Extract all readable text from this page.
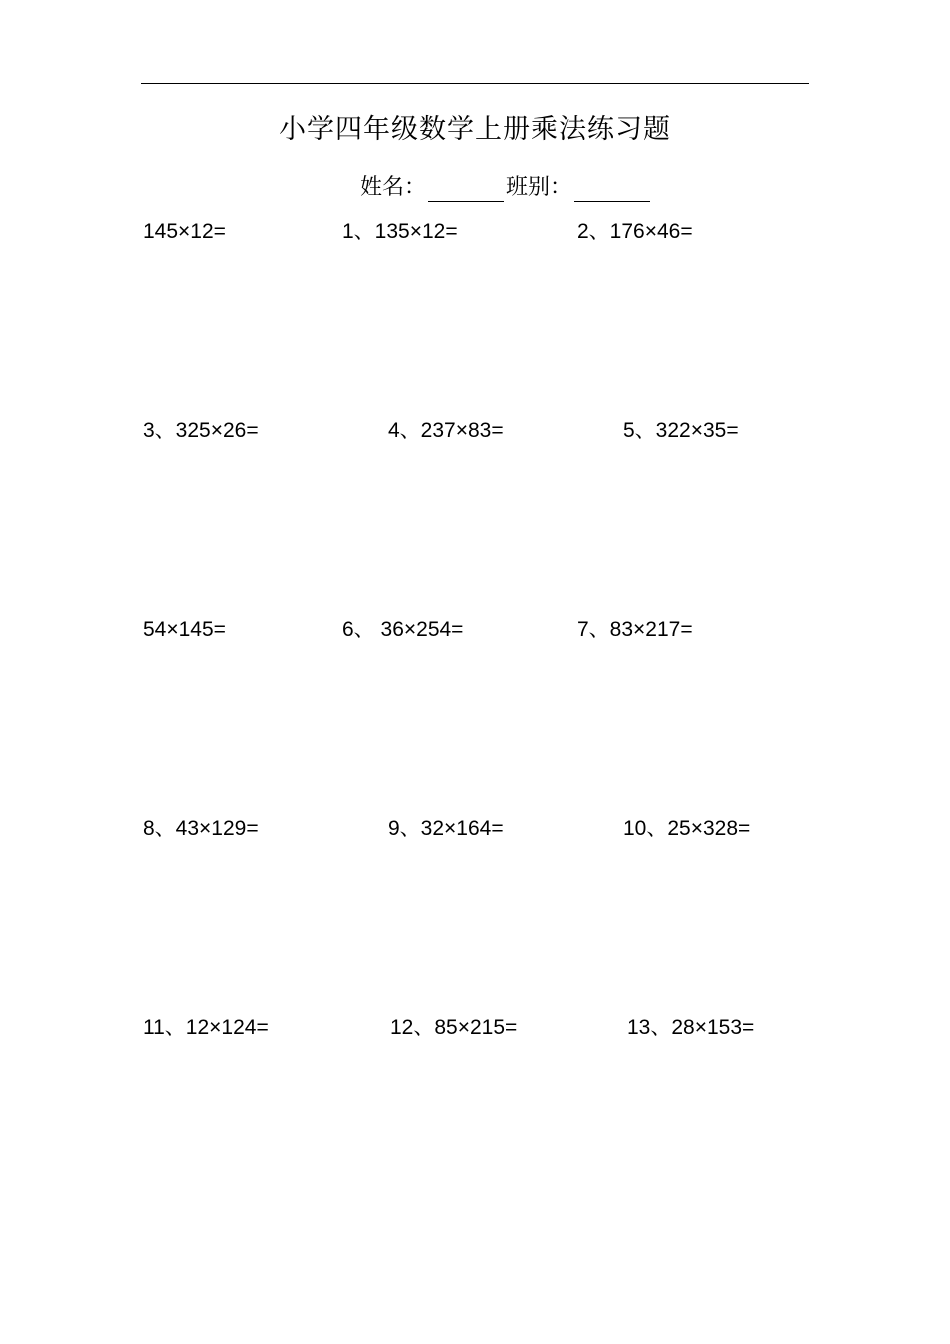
小学四年级数学上册乘法练习题
姓名：	班别：
145×12=	1、135×12=	2、176×46=
3、325×26=	4、237×83=	5、322×35=
54×145=	6、 36×254=	7、83×217=
8、43×129=	9、32×164=	10、25×328=
11、12×124=	12、85×215=	13、28×153=
